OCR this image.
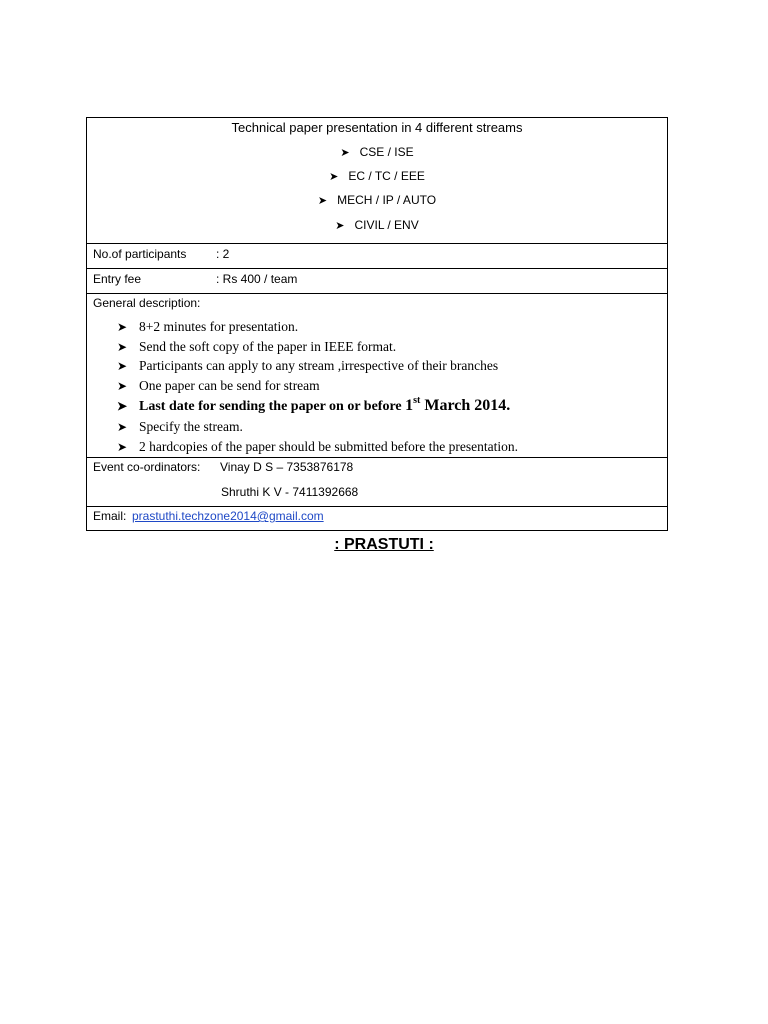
Technical paper presentation in 4 different streams
➤ CSE / ISE
➤ EC / TC / EEE
➤ MECH / IP / AUTO
➤ CIVIL / ENV
No.of participants : 2
Entry fee	: Rs 400 / team
General description:
➤ 8+2 minutes for presentation.
➤ Send the soft copy of the paper in IEEE format.
➤ Participants can apply to any stream ,irrespective of their branches
➤ One paper can be send for stream
➤ Last date for sending the paper on or before 1st March 2014.
➤ Specify the stream.
➤ 2 hardcopies of the paper should be submitted before the presentation.
Event co-ordinators: Vinay D S – 7353876178
Shruthi K V - 7411392668
Email: prastuthi.techzone2014@gmail.com
: PRASTUTI :
